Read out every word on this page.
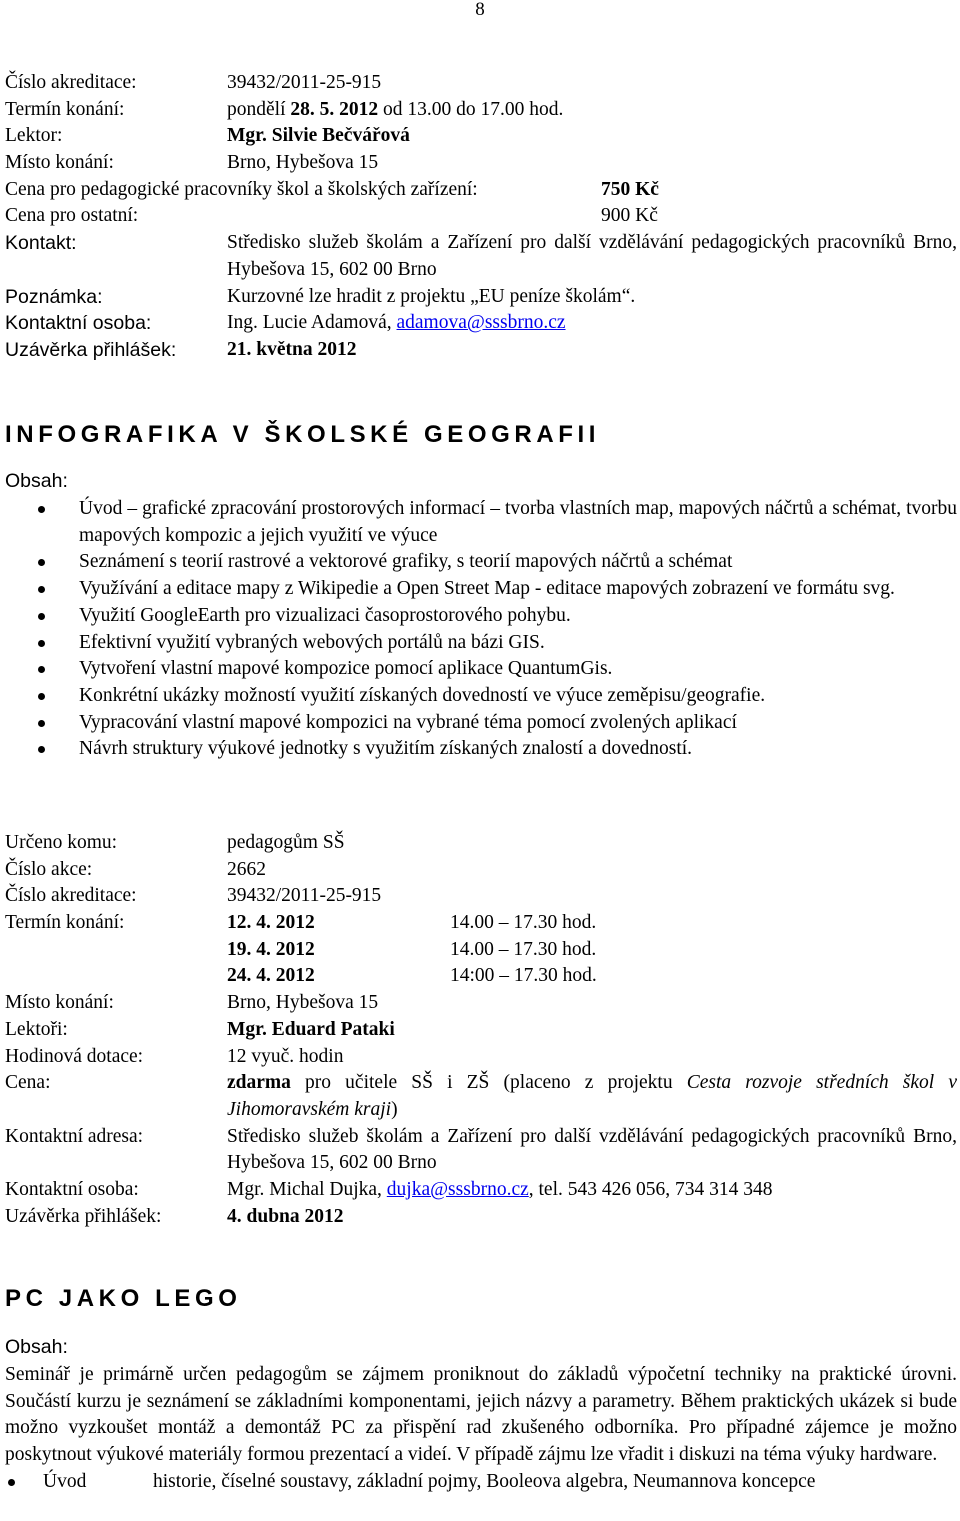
8
Číslo akreditace:	39432/2011-25-915
Termín konání:	pondělí 28. 5. 2012 od 13.00 do 17.00 hod.
Lektor:	Mgr. Silvie Bečvářová
Místo konání:	Brno, Hybešova 15
Cena pro pedagogické pracovníky škol a školských zařízení:	750 Kč
Cena pro ostatní:	900 Kč
Kontakt:	Středisko služeb školám a Zařízení pro další vzdělávání pedagogických pracovníků Brno, Hybešova 15, 602 00 Brno
Poznámka:	Kurzovné lze hradit z projektu „EU peníze školám“.
Kontaktní osoba:	Ing. Lucie Adamová, adamova@sssbrno.cz
Uzávěrka přihlášek:	21. května 2012
INFOGRAFIKA V ŠKOLSKÉ GEOGRAFII
Obsah:
Úvod – grafické zpracování prostorových informací – tvorba vlastních map, mapových náčrtů a schémat, tvorbu mapových kompozic a jejich využití ve výuce
Seznámení s teorií rastrové a vektorové grafiky, s teorií mapových náčrtů a schémat
Využívání a editace mapy z Wikipedie a Open Street Map - editace mapových zobrazení ve formátu svg.
Využití GoogleEarth pro vizualizaci časoprostorového pohybu.
Efektivní využití vybraných webových portálů na bázi GIS.
Vytvoření vlastní mapové kompozice pomocí aplikace QuantumGis.
Konkrétní ukázky možností využití získaných dovedností ve výuce zeměpisu/geografie.
Vypracování vlastní mapové kompozici na vybrané téma pomocí zvolených aplikací
Návrh struktury výukové jednotky s využitím získaných znalostí a dovedností.
Určeno komu:	pedagogům SŠ
Číslo akce:	2662
Číslo akreditace:	39432/2011-25-915
Termín konání:	12. 4. 2012	14.00 – 17.30 hod.
19. 4. 2012	14.00 – 17.30 hod.
24. 4. 2012	14:00 – 17.30 hod.
Místo konání:	Brno, Hybešova 15
Lektoři:	Mgr. Eduard Pataki
Hodinová dotace:	12 vyuč. hodin
Cena:	zdarma pro učitele SŠ i ZŠ (placeno z projektu Cesta rozvoje středních škol v Jihomoravském kraji)
Kontaktní adresa:	Středisko služeb školám a Zařízení pro další vzdělávání pedagogických pracovníků Brno, Hybešova 15, 602 00 Brno
Kontaktní osoba:	Mgr. Michal Dujka, dujka@sssbrno.cz, tel. 543 426 056, 734 314 348
Uzávěrka přihlášek:	4. dubna 2012
PC JAKO LEGO
Obsah:
Seminář je primárně určen pedagogům se zájmem proniknout do základů výpočetní techniky na praktické úrovni. Součástí kurzu je seznámení se základními komponentami, jejich názvy a parametry. Během praktických ukázek si bude možno vyzkoušet montáž a demontáž PC za přispění rad zkušeného odborníka. Pro případné zájemce je možno poskytnout výukové materiály formou prezentací a videí. V případě zájmu lze vřadit i diskuzi na téma výuky hardware.
Úvod	historie, číselné soustavy, základní pojmy, Booleova algebra, Neumannova koncepce
